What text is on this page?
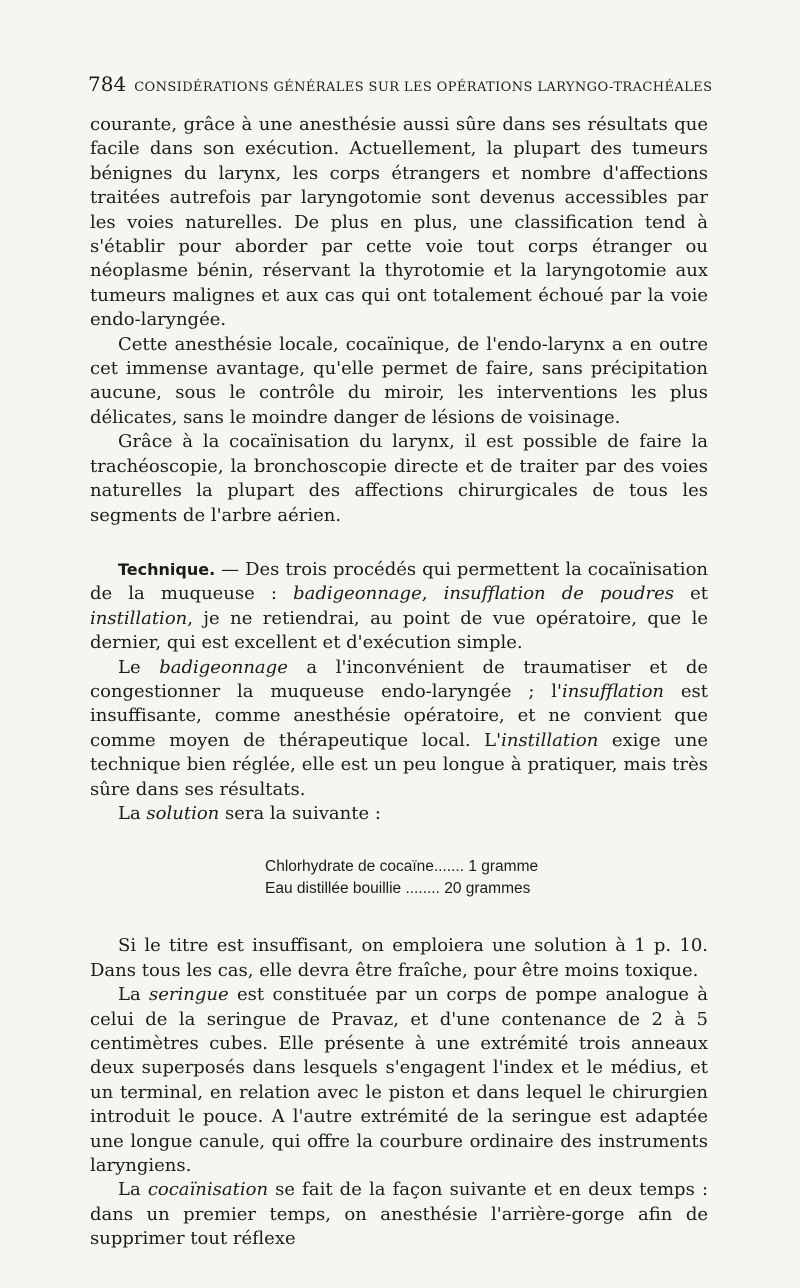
784 CONSIDÉRATIONS GÉNÉRALES SUR LES OPÉRATIONS LARYNGO-TRACHÉALES

courante, grâce à une anesthésie aussi sûre dans ses résultats que facile dans son exécution. Actuellement, la plupart des tumeurs bénignes du larynx, les corps étrangers et nombre d'affections traitées autrefois par laryngotomie sont devenus accessibles par les voies naturelles. De plus en plus, une classification tend à s'établir pour aborder par cette voie tout corps étranger ou néoplasme bénin, réservant la thyrotomie et la laryngotomie aux tumeurs malignes et aux cas qui ont totalement échoué par la voie endo-laryngée.

Cette anesthésie locale, cocaïnique, de l'endo-larynx a en outre cet immense avantage, qu'elle permet de faire, sans précipitation aucune, sous le contrôle du miroir, les interventions les plus délicates, sans le moindre danger de lésions de voisinage.

Grâce à la cocaïnisation du larynx, il est possible de faire la trachéoscopie, la bronchoscopie directe et de traiter par des voies naturelles la plupart des affections chirurgicales de tous les segments de l'arbre aérien.

Technique. — Des trois procédés qui permettent la cocaïnisation de la muqueuse : badigeonnage, insufflation de poudres et instillation, je ne retiendrai, au point de vue opératoire, que le dernier, qui est excellent et d'exécution simple.

Le badigeonnage a l'inconvénient de traumatiser et de congestionner la muqueuse endo-laryngée ; l'insufflation est insuffisante, comme anesthésie opératoire, et ne convient que comme moyen de thérapeutique local. L'instillation exige une technique bien réglée, elle est un peu longue à pratiquer, mais très sûre dans ses résultats.

La solution sera la suivante :

Chlorhydrate de cocaïne....... 1 gramme
Eau distillée bouillie ........ 20 grammes

Si le titre est insuffisant, on emploiera une solution à 1 p. 10. Dans tous les cas, elle devra être fraîche, pour être moins toxique.

La seringue est constituée par un corps de pompe analogue à celui de la seringue de Pravaz, et d'une contenance de 2 à 5 centimètres cubes. Elle présente à une extrémité trois anneaux deux superposés dans lesquels s'engagent l'index et le médius, et un terminal, en relation avec le piston et dans lequel le chirurgien introduit le pouce. A l'autre extrémité de la seringue est adaptée une longue canule, qui offre la courbure ordinaire des instruments laryngiens.

La cocaïnisation se fait de la façon suivante et en deux temps : dans un premier temps, on anesthésie l'arrière-gorge afin de supprimer tout réflexe
